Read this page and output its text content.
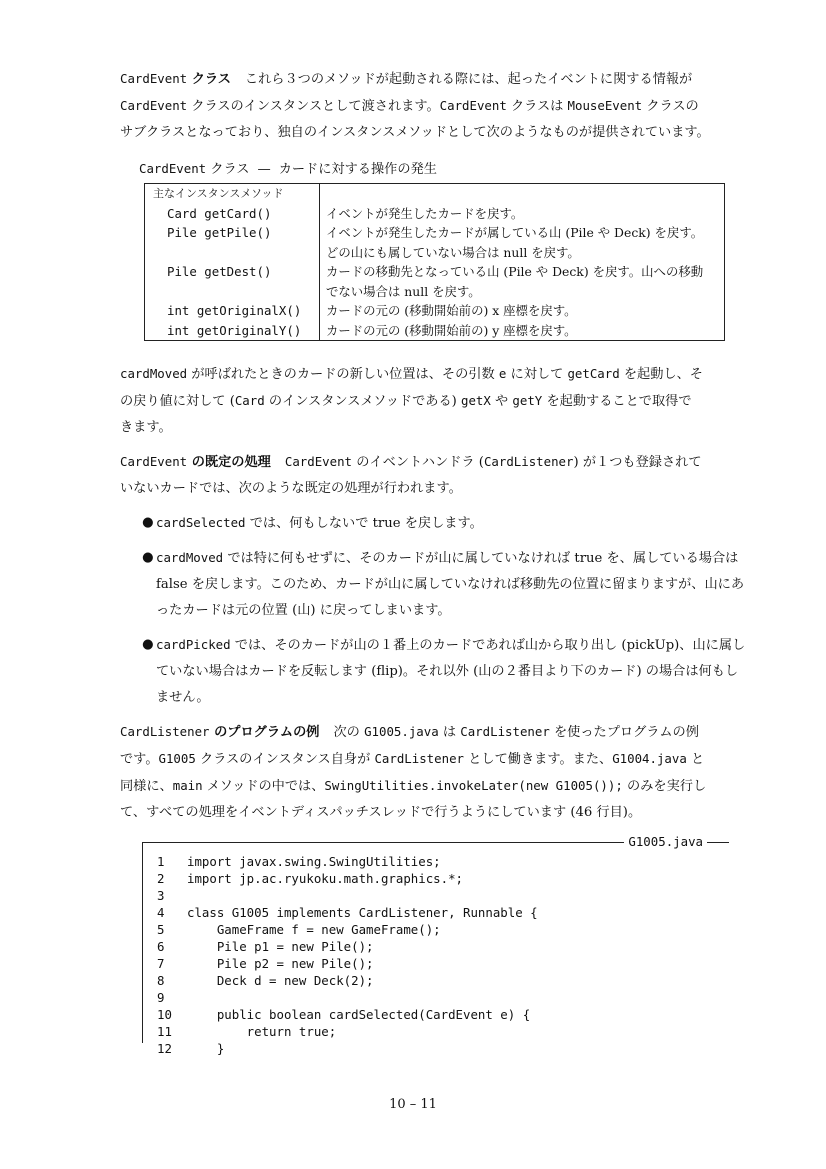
CardEvent クラス これら３つのメソッドが起動される際には、起ったイベントに関する情報が
CardEvent クラスのインスタンスとして渡されます。CardEvent クラスは MouseEvent クラスの
サブクラスとなっており、独自のインスタンスメソッドとして次のようなものが提供されています。
CardEvent クラス — カードに対する操作の発生
主なインスタンスメソッド	
Card getCard()	イベントが発生したカードを戻す。
Pile getPile()	イベントが発生したカードが属している山 (Pile や Deck) を戻す。
どの山にも属していない場合は null を戻す。
Pile getDest()	カードの移動先となっている山 (Pile や Deck) を戻す。山への移動
でない場合は null を戻す。
int getOriginalX()	カードの元の (移動開始前の) x 座標を戻す。
int getOriginalY()	カードの元の (移動開始前の) y 座標を戻す。
cardMoved が呼ばれたときのカードの新しい位置は、その引数 e に対して getCard を起動し、そ
の戻り値に対して (Card のインスタンスメソッドである) getX や getY を起動することで取得で
きます。
CardEvent の既定の処理 CardEvent のイベントハンドラ (CardListener) が１つも登録されて
いないカードでは、次のような既定の処理が行われます。
● cardSelected では、何もしないで true を戻します。
● cardMoved では特に何もせずに、そのカードが山に属していなければ true を、属している場合は false を戻します。このため、カードが山に属していなければ移動先の位置に留まりますが、山にあったカードは元の位置 (山) に戻ってしまいます。
● cardPicked では、そのカードが山の１番上のカードであれば山から取り出し (pickUp)、山に属していない場合はカードを反転します (flip)。それ以外 (山の２番目より下のカード) の場合は何もしません。
CardListener のプログラムの例 次の G1005.java は CardListener を使ったプログラムの例
です。G1005 クラスのインスタンス自身が CardListener として働きます。また、G1004.java と
同様に、main メソッドの中では、SwingUtilities.invokeLater(new G1005()); のみを実行し
て、すべての処理をイベントディスパッチスレッドで行うようにしています (46 行目)。
G1005.java
1 import javax.swing.SwingUtilities;
2 import jp.ac.ryukoku.math.graphics.*;
3
4 class G1005 implements CardListener, Runnable {
5    GameFrame f = new GameFrame();
6    Pile p1 = new Pile();
7    Pile p2 = new Pile();
8    Deck d = new Deck(2);
9
10    public boolean cardSelected(CardEvent e) {
11        return true;
12    }
10 – 11
